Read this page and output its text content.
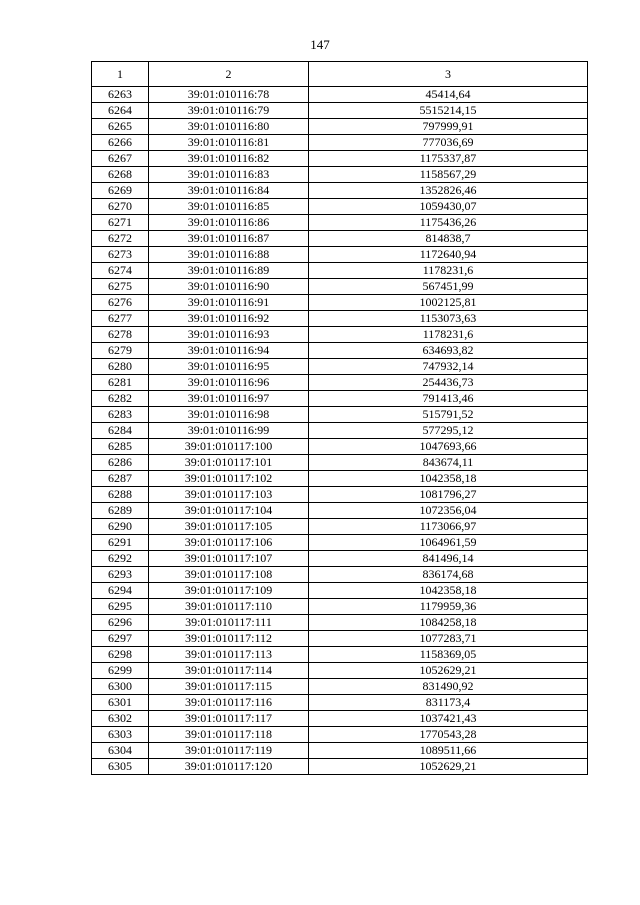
147
1	2	3
6263	39:01:010116:78	45414,64
6264	39:01:010116:79	5515214,15
6265	39:01:010116:80	797999,91
6266	39:01:010116:81	777036,69
6267	39:01:010116:82	1175337,87
6268	39:01:010116:83	1158567,29
6269	39:01:010116:84	1352826,46
6270	39:01:010116:85	1059430,07
6271	39:01:010116:86	1175436,26
6272	39:01:010116:87	814838,7
6273	39:01:010116:88	1172640,94
6274	39:01:010116:89	1178231,6
6275	39:01:010116:90	567451,99
6276	39:01:010116:91	1002125,81
6277	39:01:010116:92	1153073,63
6278	39:01:010116:93	1178231,6
6279	39:01:010116:94	634693,82
6280	39:01:010116:95	747932,14
6281	39:01:010116:96	254436,73
6282	39:01:010116:97	791413,46
6283	39:01:010116:98	515791,52
6284	39:01:010116:99	577295,12
6285	39:01:010117:100	1047693,66
6286	39:01:010117:101	843674,11
6287	39:01:010117:102	1042358,18
6288	39:01:010117:103	1081796,27
6289	39:01:010117:104	1072356,04
6290	39:01:010117:105	1173066,97
6291	39:01:010117:106	1064961,59
6292	39:01:010117:107	841496,14
6293	39:01:010117:108	836174,68
6294	39:01:010117:109	1042358,18
6295	39:01:010117:110	1179959,36
6296	39:01:010117:111	1084258,18
6297	39:01:010117:112	1077283,71
6298	39:01:010117:113	1158369,05
6299	39:01:010117:114	1052629,21
6300	39:01:010117:115	831490,92
6301	39:01:010117:116	831173,4
6302	39:01:010117:117	1037421,43
6303	39:01:010117:118	1770543,28
6304	39:01:010117:119	1089511,66
6305	39:01:010117:120	1052629,21
